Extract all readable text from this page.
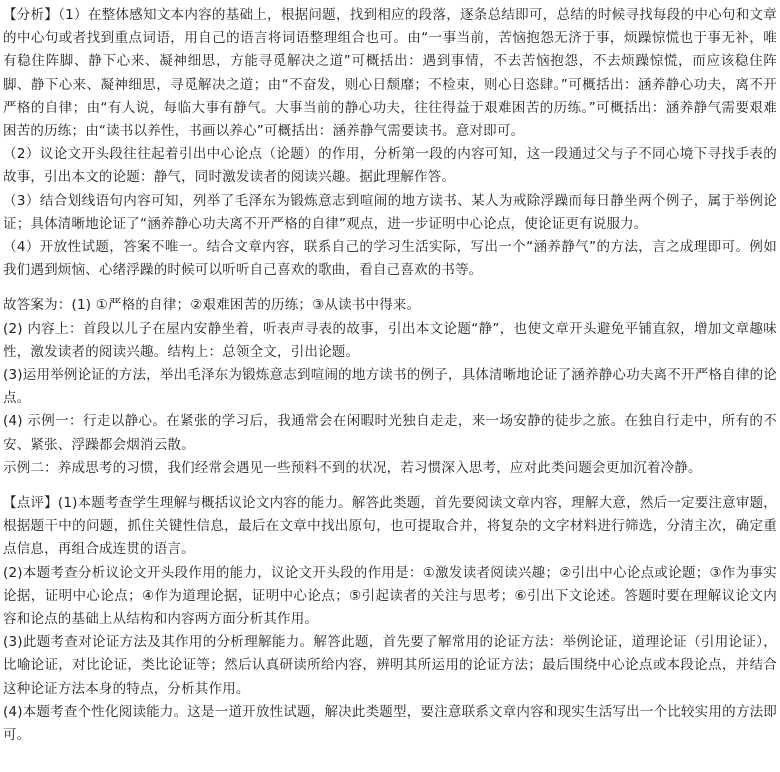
【分析】（1）在整体感知文本内容的基础上，根据问题，找到相应的段落，逐条总结即可，总结的时候寻找每段的中心句和文章的中心句或者找到重点词语，用自己的语言将词语整理组合也可。由“一事当前，苦恼抱怨无济于事，烦躁惊慌也于事无补，唯有稳住阵脚、静下心来、凝神细思，方能寻觅解决之道”可概括出：遇到事情，不去苦恼抱怨，不去烦躁惊慌，而应该稳住阵脚、静下心来、凝神细思，寻觅解决之道；由“不奋发，则心日颓靡；不检束，则心日恣肆。”可概括出：涵养静心功夫，离不开严格的自律；由“有人说，每临大事有静气。大事当前的静心功夫，往往得益于艰难困苦的历练。”可概括出：涵养静气需要艰难困苦的历练；由“读书以养性，书画以养心”可概括出：涵养静气需要读书。意对即可。

（2）议论文开头段往往起着引出中心论点（论题）的作用，分析第一段的内容可知，这一段通过父与子不同心境下寻找手表的故事，引出本文的论题：静气，同时激发读者的阅读兴趣。据此理解作答。

（3）结合划线语句内容可知，列举了毛泽东为锻炼意志到喧闹的地方读书、某人为戒除浮躁而每日静坐两个例子，属于举例论证；具体清晰地论证了“涵养静心功夫离不开严格的自律”观点，进一步证明中心论点，使论证更有说服力。

（4）开放性试题，答案不唯一。结合文章内容，联系自己的学习生活实际，写出一个“涵养静气”的方法，言之成理即可。例如我们遇到烦恼、心绪浮躁的时候可以听听自己喜欢的歌曲，看自己喜欢的书等。

故答案为：(1) ①严格的自律；②艰难困苦的历练；③从读书中得来。

(2) 内容上：首段以儿子在屋内安静坐着，听表声寻表的故事，引出本文论题“静”，也使文章开头避免平铺直叙，增加文章趣味性，激发读者的阅读兴趣。结构上：总领全文，引出论题。

(3)运用举例论证的方法，举出毛泽东为锻炼意志到喧闹的地方读书的例子，具体清晰地论证了涵养静心功夫离不开严格自律的论点。

(4) 示例一：行走以静心。在紧张的学习后，我通常会在闲暇时光独自走走，来一场安静的徒步之旅。在独自行走中，所有的不安、紧张、浮躁都会烟消云散。

示例二：养成思考的习惯，我们经常会遇见一些预料不到的状况，若习惯深入思考，应对此类问题会更加沉着冷静。

【点评】(1)本题考查学生理解与概括议论文内容的能力。解答此类题，首先要阅读文章内容，理解大意，然后一定要注意审题，根据题干中的问题，抓住关键性信息，最后在文章中找出原句，也可提取合并，将复杂的文字材料进行筛选，分清主次，确定重点信息，再组合成连贯的语言。

(2)本题考查分析议论文开头段作用的能力，议论文开头段的作用是：①激发读者阅读兴趣；②引出中心论点或论题；③作为事实论据，证明中心论点；④作为道理论据，证明中心论点；⑤引起读者的关注与思考；⑥引出下文论述。答题时要在理解议论文内容和论点的基础上从结构和内容两方面分析其作用。

(3)此题考查对论证方法及其作用的分析理解能力。解答此题，首先要了解常用的论证方法：举例论证，道理论证（引用论证），比喻论证，对比论证，类比论证等；然后认真研读所给内容，辨明其所运用的论证方法；最后围绕中心论点或本段论点，并结合这种论证方法本身的特点，分析其作用。

(4)本题考查个性化阅读能力。这是一道开放性试题，解决此类题型，要注意联系文章内容和现实生活写出一个比较实用的方法即可。
